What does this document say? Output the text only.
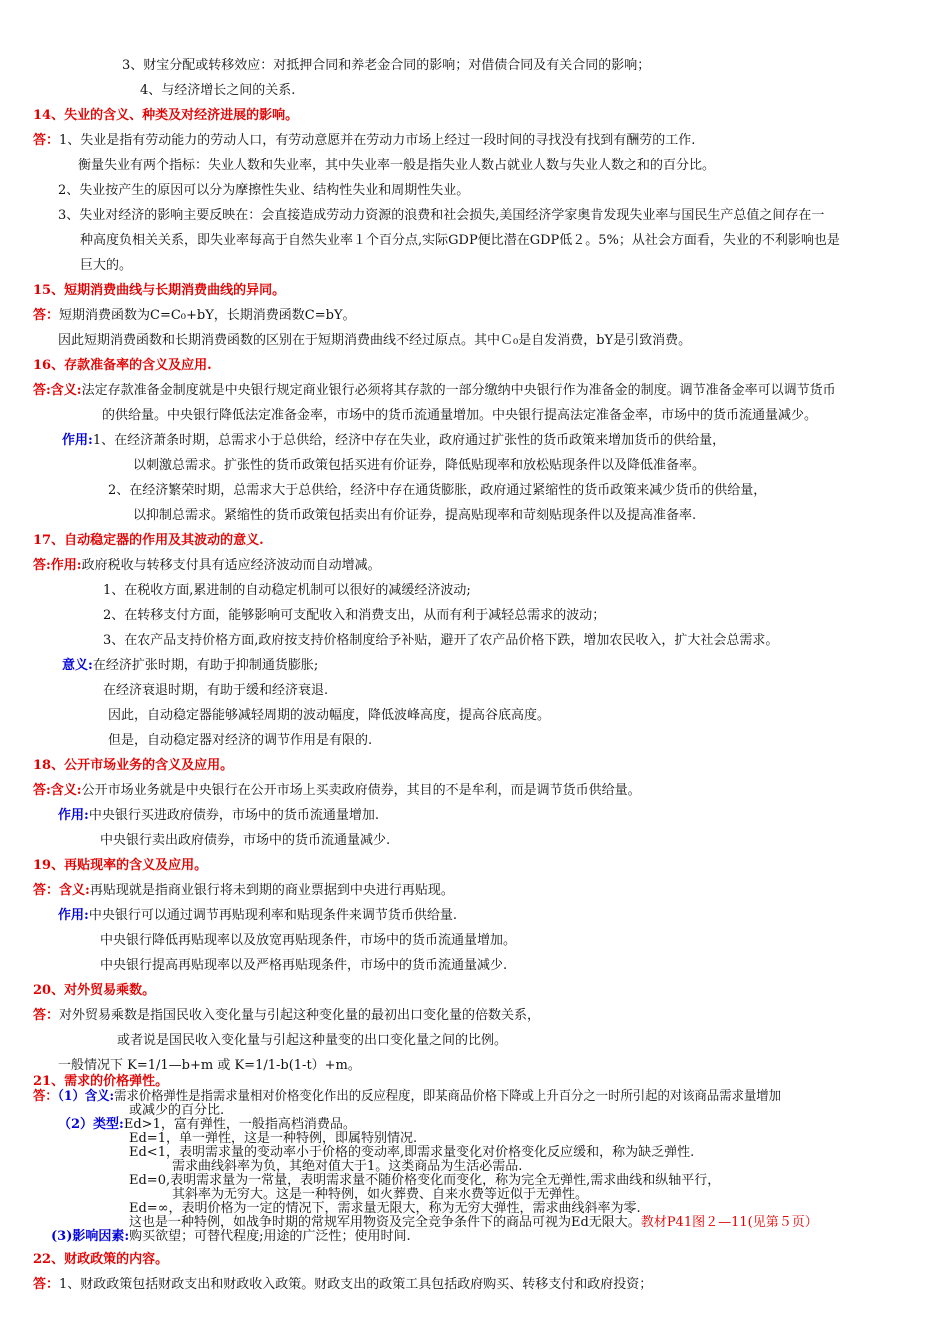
3、财宝分配或转移效应：对抵押合同和养老金合同的影响；对借债合同及有关合同的影响；
4、与经济增长之间的关系.
14、失业的含义、种类及对经济进展的影响。
答：1、失业是指有劳动能力的劳动人口，有劳动意愿并在劳动力市场上经过一段时间的寻找没有找到有酬劳的工作.
衡量失业有两个指标：失业人数和失业率，其中失业率一般是指失业人数占就业人数与失业人数之和的百分比。
2、失业按产生的原因可以分为摩擦性失业、结构性失业和周期性失业。
3、失业对经济的影响主要反映在：会直接造成劳动力资源的浪费和社会损失,美国经济学家奥肯发现失业率与国民生产总值之间存在一
种高度负相关关系，即失业率每高于自然失业率１个百分点,实际GDP便比潜在GDP低２。5%；从社会方面看，失业的不利影响也是
巨大的。
15、短期消费曲线与长期消费曲线的异同。
答：短期消费函数为C=C₀+bY，长期消费函数C=bY。
因此短期消费函数和长期消费函数的区别在于短期消费曲线不经过原点。其中Ｃ₀是自发消费，bY是引致消费。
16、存款准备率的含义及应用.
答:含义:法定存款准备金制度就是中央银行规定商业银行必须将其存款的一部分缴纳中央银行作为准备金的制度。调节准备金率可以调节货币
的供给量。中央银行降低法定准备金率，市场中的货币流通量增加。中央银行提高法定准备金率，市场中的货币流通量减少。
作用:1、在经济萧条时期，总需求小于总供给，经济中存在失业，政府通过扩张性的货币政策来增加货币的供给量，
以刺激总需求。扩张性的货币政策包括买进有价证券，降低贴现率和放松贴现条件以及降低准备率。
2、在经济繁荣时期，总需求大于总供给，经济中存在通货膨胀，政府通过紧缩性的货币政策来减少货币的供给量，
以抑制总需求。紧缩性的货币政策包括卖出有价证券，提高贴现率和苛刻贴现条件以及提高准备率.
17、自动稳定器的作用及其波动的意义.
答:作用:政府税收与转移支付具有适应经济波动而自动增减。
1、在税收方面,累进制的自动稳定机制可以很好的减缓经济波动;
2、在转移支付方面，能够影响可支配收入和消费支出，从而有利于减轻总需求的波动；
3、在农产品支持价格方面,政府按支持价格制度给予补贴，避开了农产品价格下跌，增加农民收入，扩大社会总需求。
意义:在经济扩张时期，有助于抑制通货膨胀;
在经济衰退时期，有助于缓和经济衰退.
因此，自动稳定器能够减轻周期的波动幅度，降低波峰高度，提高谷底高度。
但是，自动稳定器对经济的调节作用是有限的.
18、公开市场业务的含义及应用。
答:含义:公开市场业务就是中央银行在公开市场上买卖政府债券，其目的不是牟利，而是调节货币供给量。
作用:中央银行买进政府债券，市场中的货币流通量增加.
中央银行卖出政府债券，市场中的货币流通量减少.
19、再贴现率的含义及应用。
答：含义:再贴现就是指商业银行将未到期的商业票据到中央进行再贴现。
作用:中央银行可以通过调节再贴现利率和贴现条件来调节货币供给量.
中央银行降低再贴现率以及放宽再贴现条件，市场中的货币流通量增加。
中央银行提高再贴现率以及严格再贴现条件，市场中的货币流通量减少.
20、对外贸易乘数。
答：对外贸易乘数是指国民收入变化量与引起这种变化量的最初出口变化量的倍数关系，
或者说是国民收入变化量与引起这种量变的出口变化量之间的比例。
一般情况下 K=1/1—b+m 或 K=1/1-b(1-t）+m。
21、需求的价格弹性。
答：（1）含义:需求价格弹性是指需求量相对价格变化作出的反应程度，即某商品价格下降或上升百分之一时所引起的对该商品需求量增加
或减少的百分比.
（2）类型:Ed>1，富有弹性，一般指高档消费品。
Ed=1，单一弹性，这是一种特例，即属特别情况.
Ed<1，表明需求量的变动率小于价格的变动率,即需求量变化对价格变化反应缓和，称为缺乏弹性.
需求曲线斜率为负，其绝对值大于1。这类商品为生活必需品.
Ed=0,表明需求量为一常量，表明需求量不随价格变化而变化，称为完全无弹性,需求曲线和纵轴平行，
其斜率为无穷大。这是一种特例，如火葬费、自来水费等近似于无弹性。
Ed=∞，表明价格为一定的情况下，需求量无限大，称为无穷大弹性，需求曲线斜率为零.
这也是一种特例，如战争时期的常规军用物资及完全竞争条件下的商品可视为Ed无限大。教材P41图２—11(见第５页）
(3)影响因素:购买欲望；可替代程度;用途的广泛性；使用时间.
22、财政政策的内容。
答：1、财政政策包括财政支出和财政收入政策。财政支出的政策工具包括政府购买、转移支付和政府投资；
